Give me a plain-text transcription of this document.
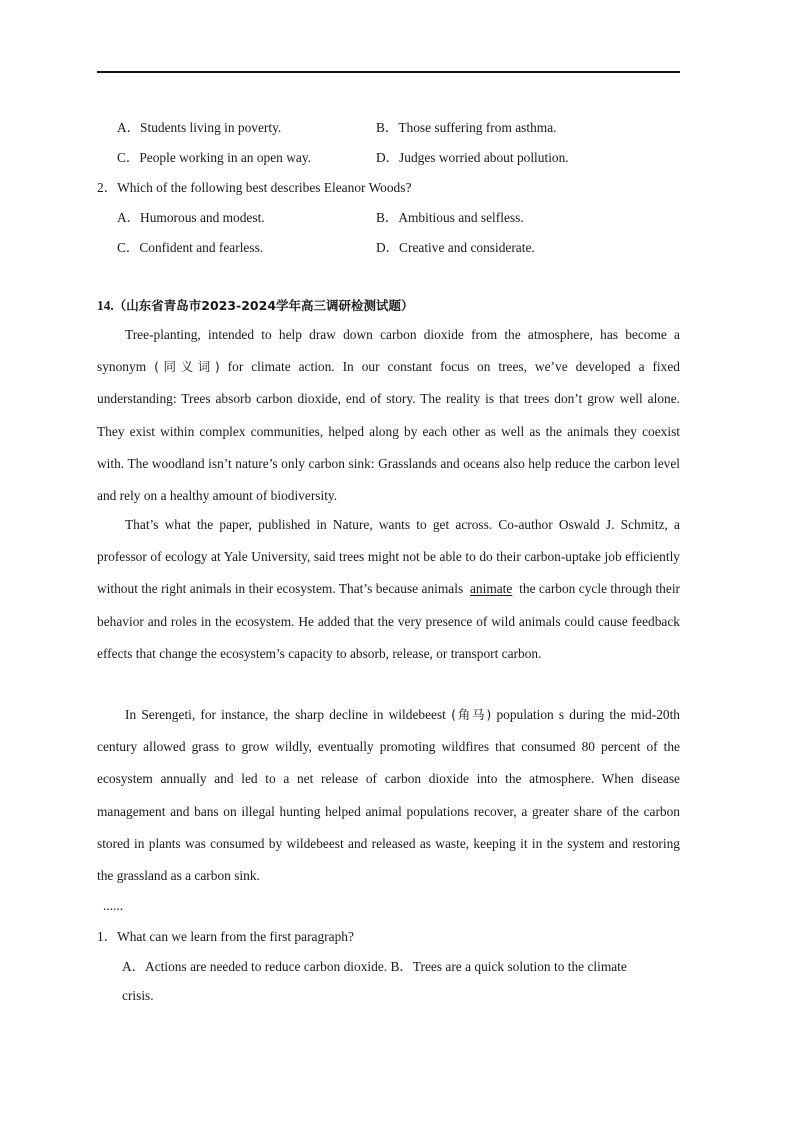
A．Students living in poverty.	B．Those suffering from asthma.
C．People working in an open way.	D．Judges worried about pollution.
2．Which of the following best describes Eleanor Woods?
A．Humorous and modest.	B．Ambitious and selfless.
C．Confident and fearless.	D．Creative and considerate.
14.（山东省青岛市2023-2024学年高三调研检测试题）
Tree-planting, intended to help draw down carbon dioxide from the atmosphere, has become a synonym (同义词) for climate action. In our constant focus on trees, we’ve developed a fixed understanding: Trees absorb carbon dioxide, end of story. The reality is that trees don’t grow well alone. They exist within complex communities, helped along by each other as well as the animals they coexist with. The woodland isn’t nature’s only carbon sink: Grasslands and oceans also help reduce the carbon level and rely on a healthy amount of biodiversity.
That’s what the paper, published in Nature, wants to get across. Co-author Oswald J. Schmitz, a professor of ecology at Yale University, said trees might not be able to do their carbon-uptake job efficiently without the right animals in their ecosystem. That’s because animals animate the carbon cycle through their behavior and roles in the ecosystem. He added that the very presence of wild animals could cause feedback effects that change the ecosystem’s capacity to absorb, release, or transport carbon.
In Serengeti, for instance, the sharp decline in wildebeest (角马) population s during the mid-20th century allowed grass to grow wildly, eventually promoting wildfires that consumed 80 percent of the ecosystem annually and led to a net release of carbon dioxide into the atmosphere. When disease management and bans on illegal hunting helped animal populations recover, a greater share of the carbon stored in plants was consumed by wildebeest and released as waste, keeping it in the system and restoring the grassland as a carbon sink.
......
1．What can we learn from the first paragraph?
A．Actions are needed to reduce carbon dioxide. B．Trees are a quick solution to the climate
crisis.
